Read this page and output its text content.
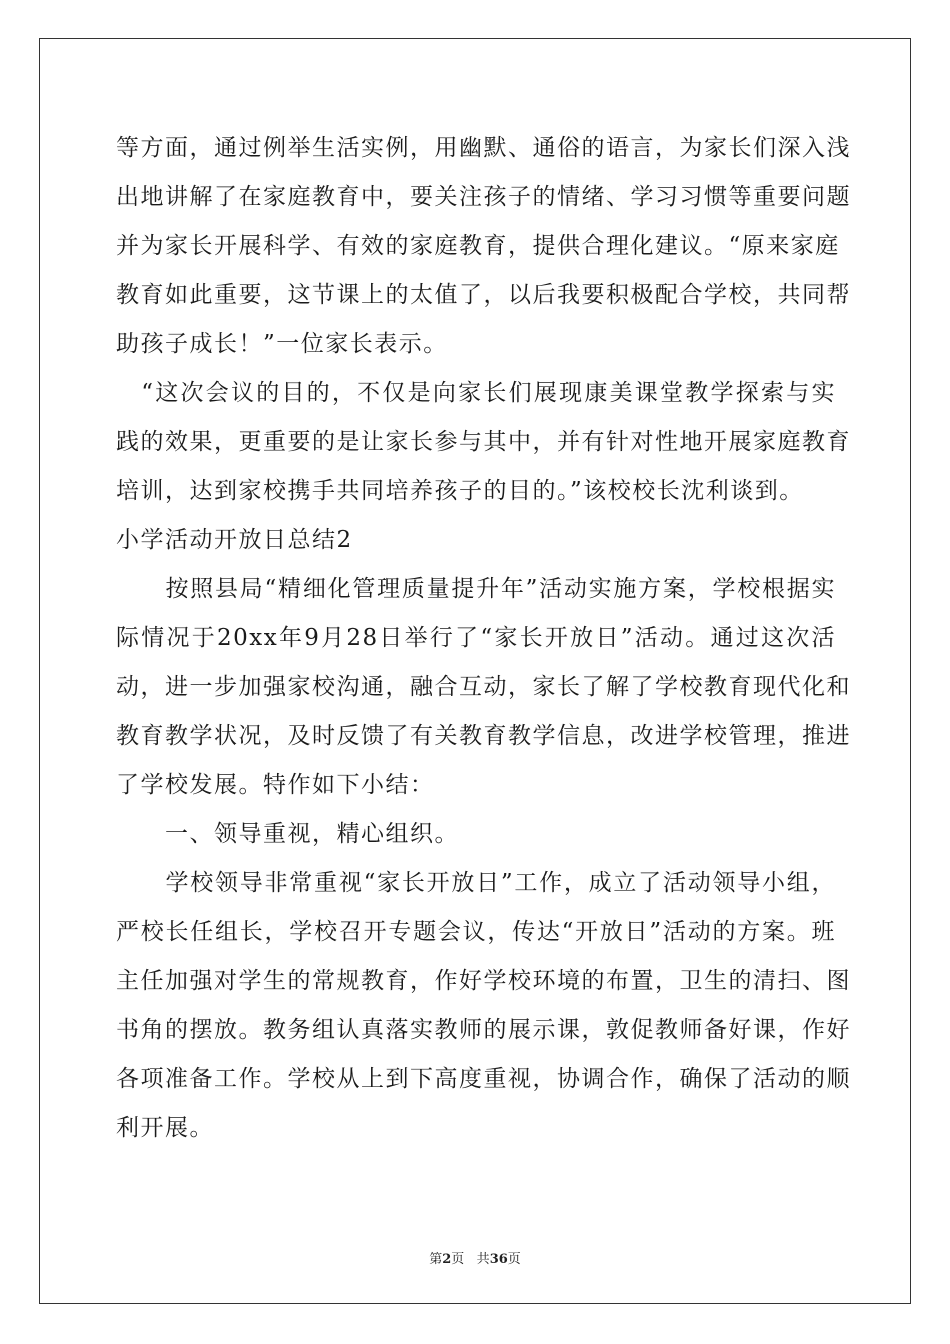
等方面，通过例举生活实例，用幽默、通俗的语言，为家长们深入浅
出地讲解了在家庭教育中，要关注孩子的情绪、学习习惯等重要问题
并为家长开展科学、有效的家庭教育，提供合理化建议。“原来家庭
教育如此重要，这节课上的太值了，以后我要积极配合学校，共同帮
助孩子成长！”一位家长表示。
　“这次会议的目的，不仅是向家长们展现康美课堂教学探索与实
践的效果，更重要的是让家长参与其中，并有针对性地开展家庭教育
培训，达到家校携手共同培养孩子的目的。”该校校长沈利谈到。
小学活动开放日总结2
　　按照县局“精细化管理质量提升年”活动实施方案，学校根据实
际情况于20xx年9月28日举行了“家长开放日”活动。通过这次活
动，进一步加强家校沟通，融合互动，家长了解了学校教育现代化和
教育教学状况，及时反馈了有关教育教学信息，改进学校管理，推进
了学校发展。特作如下小结：
　　一、领导重视，精心组织。
　　学校领导非常重视“家长开放日”工作，成立了活动领导小组，
严校长任组长，学校召开专题会议，传达“开放日”活动的方案。班
主任加强对学生的常规教育，作好学校环境的布置，卫生的清扫、图
书角的摆放。教务组认真落实教师的展示课，敦促教师备好课，作好
各项准备工作。学校从上到下高度重视，协调合作，确保了活动的顺
利开展。
第2页 共36页
